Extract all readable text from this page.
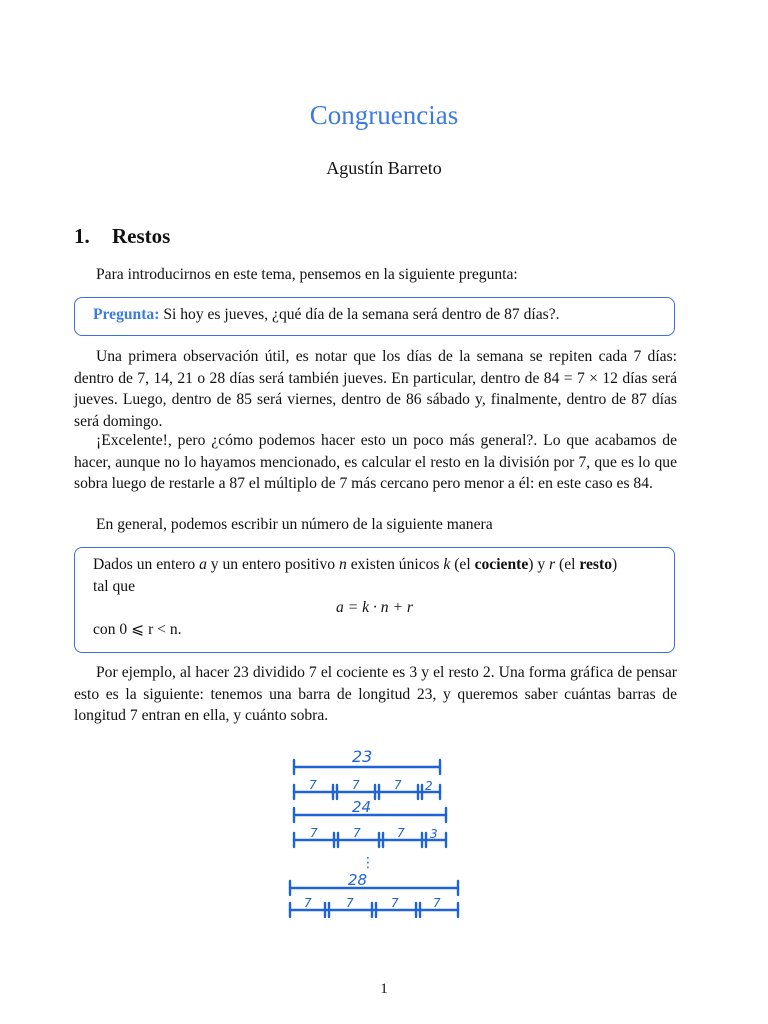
Congruencias
Agustín Barreto
1. Restos

Para introducirnos en este tema, pensemos en la siguiente pregunta:

Pregunta: Si hoy es jueves, ¿qué día de la semana será dentro de 87 días?.

Una primera observación útil, es notar que los días de la semana se repiten cada 7 días: dentro de 7, 14, 21 o 28 días será también jueves. En particular, dentro de 84 = 7 × 12 días será jueves. Luego, dentro de 85 será viernes, dentro de 86 sábado y, finalmente, dentro de 87 días será domingo.

¡Excelente!, pero ¿cómo podemos hacer esto un poco más general?. Lo que acabamos de hacer, aunque no lo hayamos mencionado, es calcular el resto en la división por 7, que es lo que sobra luego de restarle a 87 el múltiplo de 7 más cercano pero menor a él: en este caso es 84.

En general, podemos escribir un número de la siguiente manera

Dados un entero a y un entero positivo n existen únicos k (el cociente) y r (el resto)
tal que
a = k · n + r
con 0 ⩽ r < n.

Por ejemplo, al hacer 23 dividido 7 el cociente es 3 y el resto 2. Una forma gráfica de pensar esto es la siguiente: tenemos una barra de longitud 23, y queremos saber cuántas barras de longitud 7 entran en ella, y cuánto sobra.

23
7	7	7 2
24
7	7	7 3
⋮
28
7	7	7	7
1
